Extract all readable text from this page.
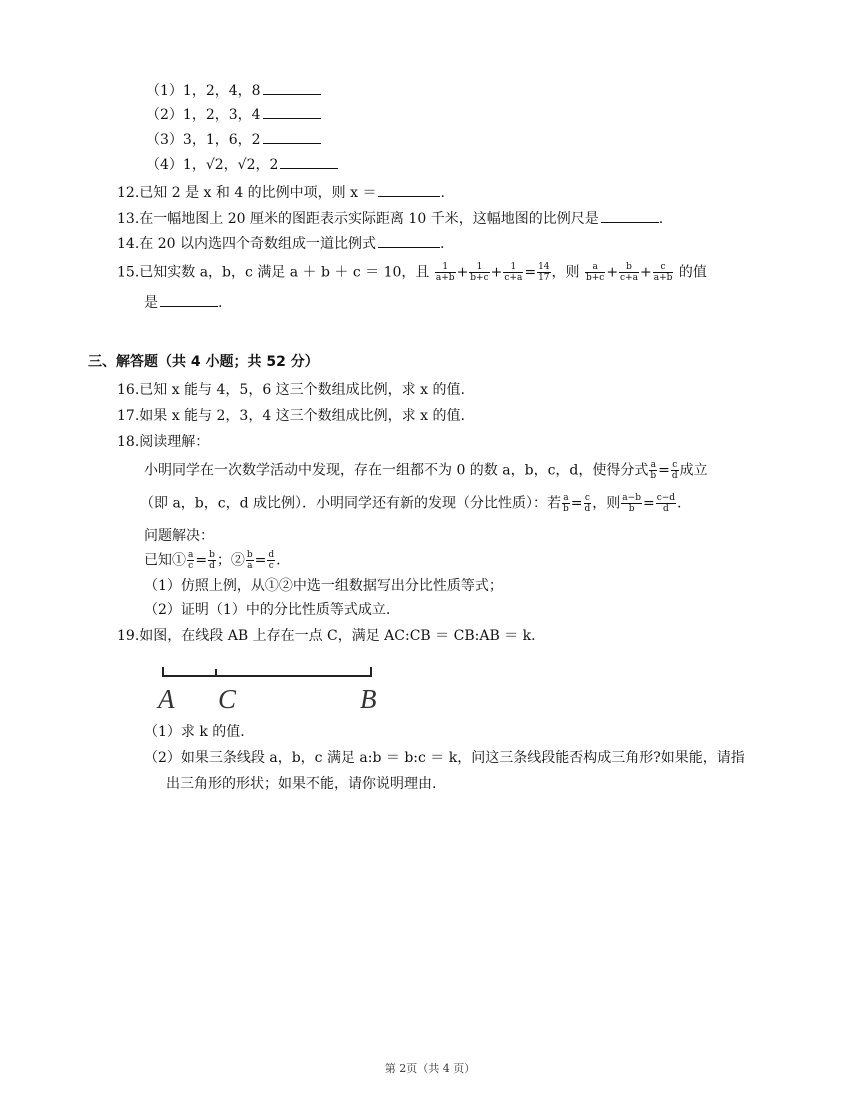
（1）1，2，4，8
（2）1，2，3，4
（3）3，1，6，2
（4）1，√2，√2，2
12.已知 2 是 x 和 4 的比例中项，则 x ＝	.
13.在一幅地图上 20 厘米的图距表示实际距离 10 千米，这幅地图的比例尺是	.
14.在 20 以内选四个奇数组成一道比例式	.
15.已知实数 a，b，c 满足 a ＋ b ＋ c ＝ 10，且 $\frac{1}{a+b} + \frac{1}{b+c} + \frac{1}{c+a} = \frac{14}{17}$ ，则 $\frac{a}{b+c} + \frac{b}{c+a} + \frac{c}{a+b}$ 的值
是	.
三、解答题（共 4 小题；共 52 分）
16.已知 x 能与 4，5，6 这三个数组成比例，求 x 的值.
17.如果 x 能与 2，3，4 这三个数组成比例，求 x 的值.
18.阅读理解：
小明同学在一次数学活动中发现，存在一组都不为 0 的数 a，b，c，d，使得分式 $\frac{a}{b} = \frac{c}{d}$ 成立
（即 a，b，c，d 成比例）．小明同学还有新的发现（分比性质）：若 $\frac{a}{b} = \frac{c}{d}$ ，则 $\frac{a-b}{b} = \frac{c-d}{d}$ .
问题解决：
已知① $\frac{a}{c} = \frac{b}{d}$ ；② $\frac{b}{a} = \frac{d}{c}$ .
（1）仿照上例，从①②中选一组数据写出分比性质等式；
（2）证明（1）中的分比性质等式成立.
19.如图，在线段 AB 上存在一点 C，满足 AC:CB ＝ CB:AB ＝ k.
A C	B
（1）求 k 的值.
（2）如果三条线段 a，b，c 满足 a:b ＝ b:c ＝ k，问这三条线段能否构成三角形?如果能，请指
出三角形的形状；如果不能，请你说明理由.
第 2页（共 4 页）
